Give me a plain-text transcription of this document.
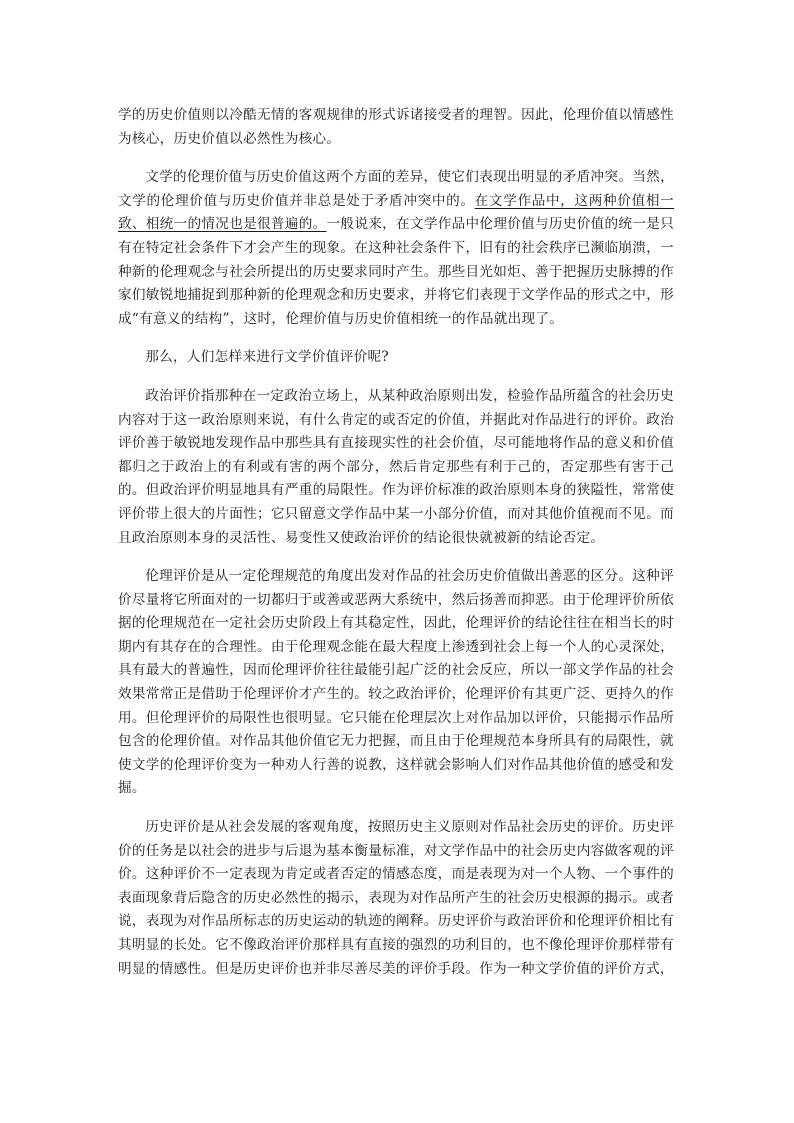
学的历史价值则以冷酷无情的客观规律的形式诉诸接受者的理智。因此，伦理价值以情感性为核心，历史价值以必然性为核心。

文学的伦理价值与历史价值这两个方面的差异，使它们表现出明显的矛盾冲突。当然，文学的伦理价值与历史价值并非总是处于矛盾冲突中的。在文学作品中，这两种价值相一致、相统一的情况也是很普遍的。一般说来，在文学作品中伦理价值与历史价值的统一是只有在特定社会条件下才会产生的现象。在这种社会条件下，旧有的社会秩序已濒临崩溃，一种新的伦理观念与社会所提出的历史要求同时产生。那些目光如炬、善于把握历史脉搏的作家们敏锐地捕捉到那种新的伦理观念和历史要求，并将它们表现于文学作品的形式之中，形成“有意义的结构”，这时，伦理价值与历史价值相统一的作品就出现了。

那么，人们怎样来进行文学价值评价呢?

政治评价指那种在一定政治立场上，从某种政治原则出发，检验作品所蕴含的社会历史内容对于这一政治原则来说，有什么肯定的或否定的价值，并据此对作品进行的评价。政治评价善于敏锐地发现作品中那些具有直接现实性的社会价值，尽可能地将作品的意义和价值都归之于政治上的有利或有害的两个部分，然后肯定那些有利于己的，否定那些有害于己的。但政治评价明显地具有严重的局限性。作为评价标准的政治原则本身的狭隘性，常常使评价带上很大的片面性；它只留意文学作品中某一小部分价值，而对其他价值视而不见。而且政治原则本身的灵活性、易变性又使政治评价的结论很快就被新的结论否定。

伦理评价是从一定伦理规范的角度出发对作品的社会历史价值做出善恶的区分。这种评价尽量将它所面对的一切都归于或善或恶两大系统中，然后扬善而抑恶。由于伦理评价所依据的伦理规范在一定社会历史阶段上有其稳定性，因此，伦理评价的结论往往在相当长的时期内有其存在的合理性。由于伦理观念能在最大程度上渗透到社会上每一个人的心灵深处，具有最大的普遍性，因而伦理评价往往最能引起广泛的社会反应，所以一部文学作品的社会效果常常正是借助于伦理评价才产生的。较之政治评价，伦理评价有其更广泛、更持久的作用。但伦理评价的局限性也很明显。它只能在伦理层次上对作品加以评价，只能揭示作品所包含的伦理价值。对作品其他价值它无力把握，而且由于伦理规范本身所具有的局限性，就使文学的伦理评价变为一种劝人行善的说教，这样就会影响人们对作品其他价值的感受和发掘。

历史评价是从社会发展的客观角度，按照历史主义原则对作品社会历史的评价。历史评价的任务是以社会的进步与后退为基本衡量标准，对文学作品中的社会历史内容做客观的评价。这种评价不一定表现为肯定或者否定的情感态度，而是表现为对一个人物、一个事件的表面现象背后隐含的历史必然性的揭示，表现为对作品所产生的社会历史根源的揭示。或者说，表现为对作品所标志的历史运动的轨迹的阐释。历史评价与政治评价和伦理评价相比有其明显的长处。它不像政治评价那样具有直接的强烈的功利目的，也不像伦理评价那样带有明显的情感性。但是历史评价也并非尽善尽美的评价手段。作为一种文学价值的评价方式，
